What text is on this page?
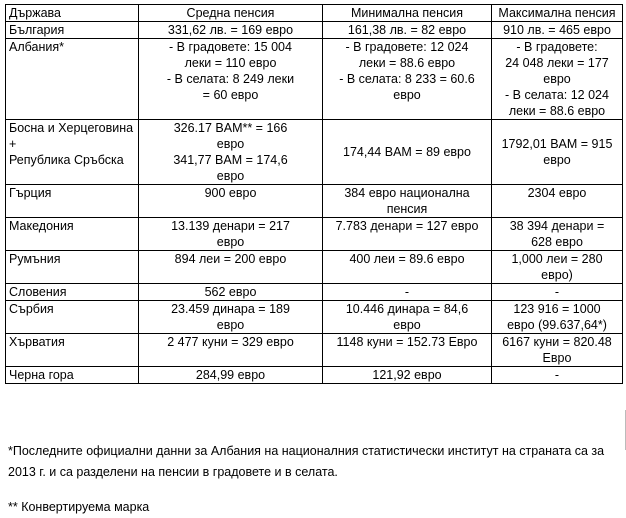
Държава	Средна пенсия	Минимална пенсия	Максимална пенсия

България	331,62 лв. = 169 евро	161,38 лв. = 82 евро	910 лв. = 465 евро

Албания*	- В градовете: 15 004
леки = 110 евро
- В селата: 8 249 леки
= 60 евро	- В градовете: 12 024
леки = 88.6 евро
- В селата: 8 233 = 60.6
евро	- В градовете:
24 048 леки = 177
евро
- В селата: 12 024
леки = 88.6 евро

Босна и Херцеговина +
Република Сръбска	326.17 BAM** = 166
евро
341,77 BAM = 174,6
евро	174,44 BAM = 89 евро	1792,01 BAM = 915
евро

Гърция	900 евро	384 евро национална
пенсия	2304 евро

Македония	13.139 денари = 217
евро	7.783 денари = 127 евро	38 394 денари =
628 евро

Румъния	894 леи = 200 евро	400 леи = 89.6 евро	1,000 леи = 280
евро)

Словения	562 евро	-	-

Сърбия	23.459 динара = 189
евро	10.446 динара = 84,6
евро	123 916 = 1000
евро (99.637,64*)

Хърватия	2 477 куни = 329 евро	1148 куни = 152.73 Евро	6167 куни = 820.48
Евро

Черна гора	284,99 евро	121,92 евро	-

*Последните официални данни за Албания на националния статистически институт на страната са за 2013 г. и са разделени на пенсии в градовете и в селата.

** Конвертируема марка
